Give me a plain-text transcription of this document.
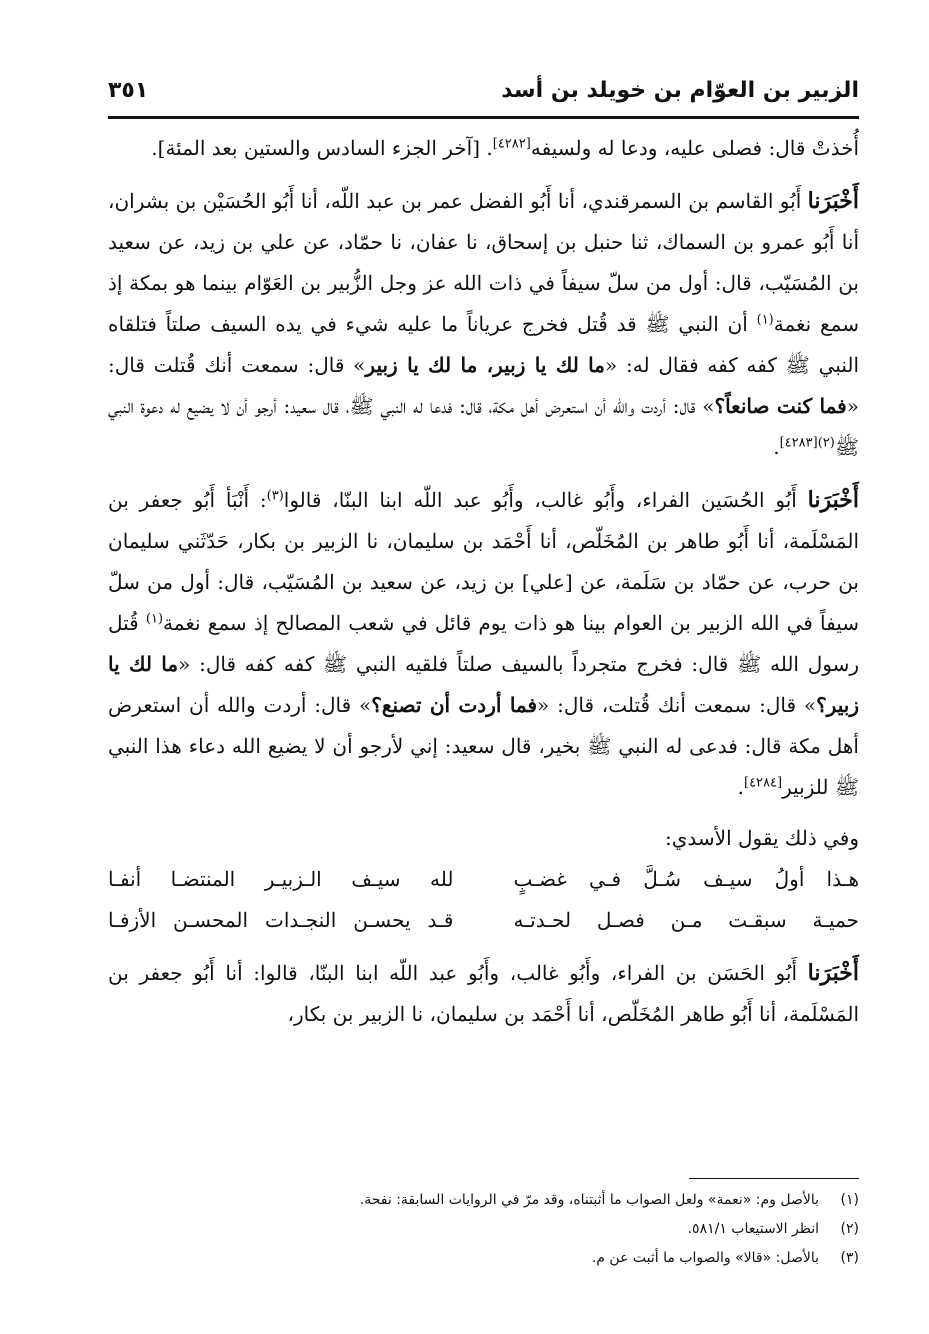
الزبير بن العوّام بن خويلد بن أسد
٣٥١

أُخذتْ قال: فصلى عليه، ودعا له ولسيفه[٤٢٨٢]. [آخر الجزء السادس والستين بعد المئة].

أَخْبَرَنا أَبُو القاسم بن السمرقندي، أنا أَبُو الفضل عمر بن عبد اللّه، أنا أَبُو الحُسَيْن بن بشران، أنا أَبُو عمرو بن السماك، ثنا حنبل بن إسحاق، نا عفان، نا حمّاد، عن علي بن زيد، عن سعيد بن المُسَيّب، قال: أول من سلّ سيفاً في ذات الله عز وجل الزُّبير بن العَوّام بينما هو بمكة إذ سمع نغمة$^{(١)}$ أن النبي ﷺ قد قُتل فخرج عرياناً ما عليه شيء في يده السيف صلتاً فتلقاه النبي ﷺ كفه كفه فقال له: «ما لك يا زبير، ما لك يا زبير» قال: سمعت أنك قُتلت قال: «فما كنت صانعاً؟» قال: أردت والله أن استعرض أهل مكة، قال: فدعا له النبي ﷺ، قال سعيد: أرجو أن لا يضيع له دعوة النبي ﷺ$^{(٢)[٤٢٨٣]}$.

أَخْبَرَنا أَبُو الحُسَين الفراء، وأَبُو غالب، وأَبُو عبد اللّه ابنا البنّا، قالوا$^{(٣)}$: أَنْبَأ أَبُو جعفر بن المَسْلَمة، أنا أَبُو طاهر بن المُخَلّص، أنا أَحْمَد بن سليمان، نا الزبير بن بكار، حَدّثَني سليمان بن حرب، عن حمّاد بن سَلَمة، عن [علي] بن زيد، عن سعيد بن المُسَيّب، قال: أول من سلّ سيفاً في الله الزبير بن العوام بينا هو ذات يوم قائل في شعب المصالح إذ سمع نغمة$^{(١)}$ قُتل رسول الله ﷺ قال: فخرج متجرداً بالسيف صلتاً فلقيه النبي ﷺ كفه كفه قال: «ما لك يا زبير؟» قال: سمعت أنك قُتلت، قال: «فما أردت أن تصنع؟» قال: أردت والله أن استعرض أهل مكة قال: فدعى له النبي ﷺ بخير، قال سعيد: إني لأرجو أن لا يضيع الله دعاء هذا النبي ﷺ للزبير[٤٢٨٤].

وفي ذلك يقول الأسدي:

هـذا أولُ سيـف سُـلَّ فـي غضـبٍ
لله سيـف الـزبيـر المنتضـا أنفـا
حميـة سبقـت مـن فصـل لحـدتـه
قـد يحسـن النجـدات المحسـن الأزفـا

أَخْبَرَنا أَبُو الحَسَن بن الفراء، وأَبُو غالب، وأَبُو عبد اللّه ابنا البنّا، قالوا: أنا أَبُو جعفر بن المَسْلَمة، أنا أَبُو طاهر المُخَلّص، أنا أَحْمَد بن سليمان، نا الزبير بن بكار،

(١)
بالأصل وم: «نعمة» ولعل الصواب ما أثبتناه، وقد مرّ في الروايات السابقة: نفحة.

(٢)
انظر الاستيعاب ٥٨١/١.

(٣)
بالأصل: «قالا» والصواب ما أثبت عن م.
